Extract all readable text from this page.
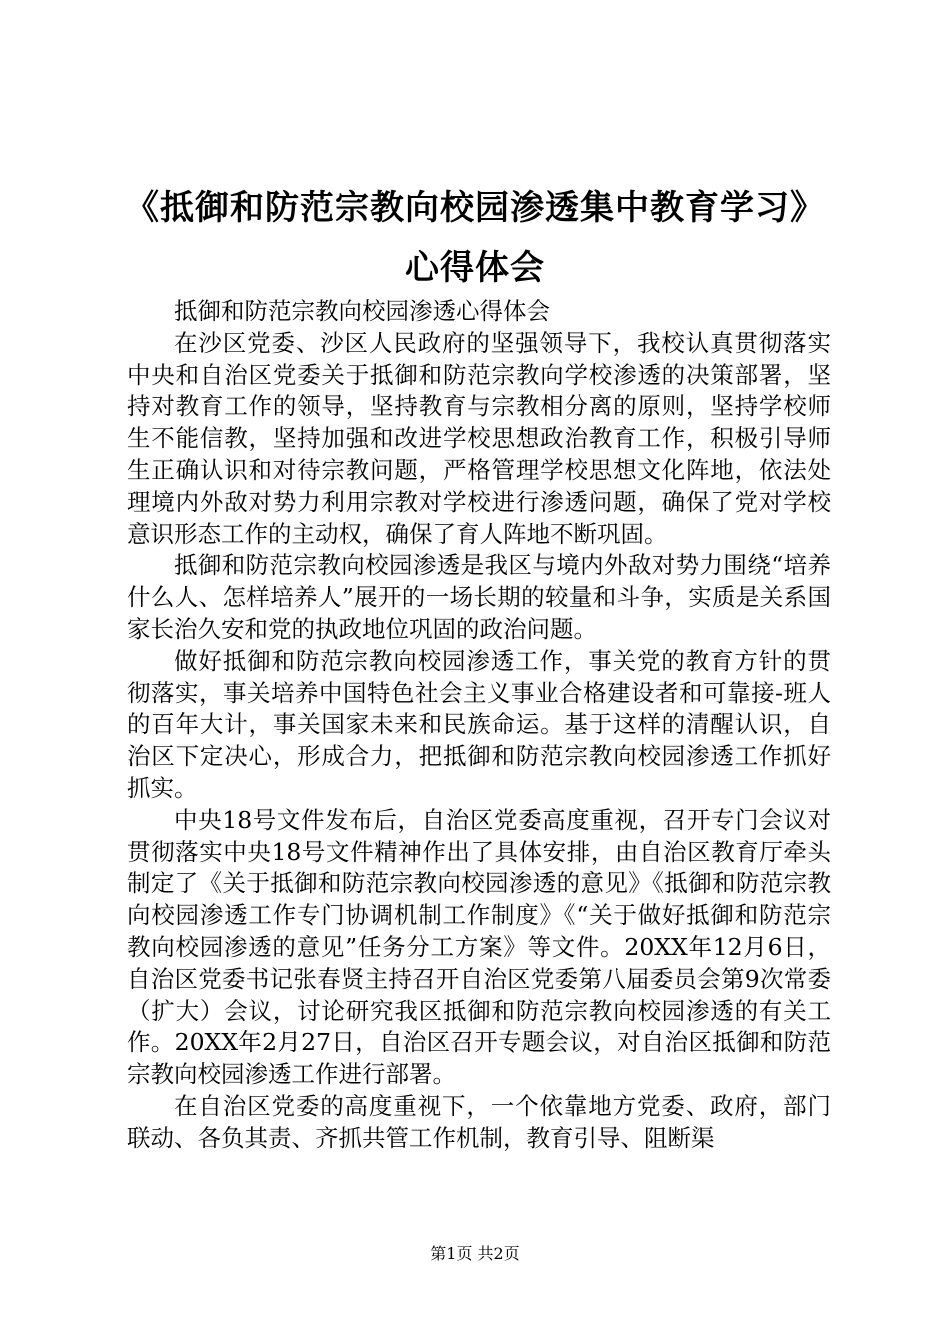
《抵御和防范宗教向校园渗透集中教育学习》
心得体会

抵御和防范宗教向校园渗透心得体会

在沙区党委、沙区人民政府的坚强领导下，我校认真贯彻落实中央和自治区党委关于抵御和防范宗教向学校渗透的决策部署，坚持对教育工作的领导，坚持教育与宗教相分离的原则，坚持学校师生不能信教，坚持加强和改进学校思想政治教育工作，积极引导师生正确认识和对待宗教问题，严格管理学校思想文化阵地，依法处理境内外敌对势力利用宗教对学校进行渗透问题，确保了党对学校意识形态工作的主动权，确保了育人阵地不断巩固。

抵御和防范宗教向校园渗透是我区与境内外敌对势力围绕“培养什么人、怎样培养人”展开的一场长期的较量和斗争，实质是关系国家长治久安和党的执政地位巩固的政治问题。

做好抵御和防范宗教向校园渗透工作，事关党的教育方针的贯彻落实，事关培养中国特色社会主义事业合格建设者和可靠接-班人的百年大计，事关国家未来和民族命运。基于这样的清醒认识，自治区下定决心，形成合力，把抵御和防范宗教向校园渗透工作抓好抓实。

中央18号文件发布后，自治区党委高度重视，召开专门会议对贯彻落实中央18号文件精神作出了具体安排，由自治区教育厅牵头制定了《关于抵御和防范宗教向校园渗透的意见》《抵御和防范宗教向校园渗透工作专门协调机制工作制度》《“关于做好抵御和防范宗教向校园渗透的意见”任务分工方案》等文件。20XX年12月6日，自治区党委书记张春贤主持召开自治区党委第八届委员会第9次常委（扩大）会议，讨论研究我区抵御和防范宗教向校园渗透的有关工作。20XX年2月27日，自治区召开专题会议，对自治区抵御和防范宗教向校园渗透工作进行部署。

在自治区党委的高度重视下，一个依靠地方党委、政府，部门联动、各负其责、齐抓共管工作机制，教育引导、阻断渠

第1页 共2页
